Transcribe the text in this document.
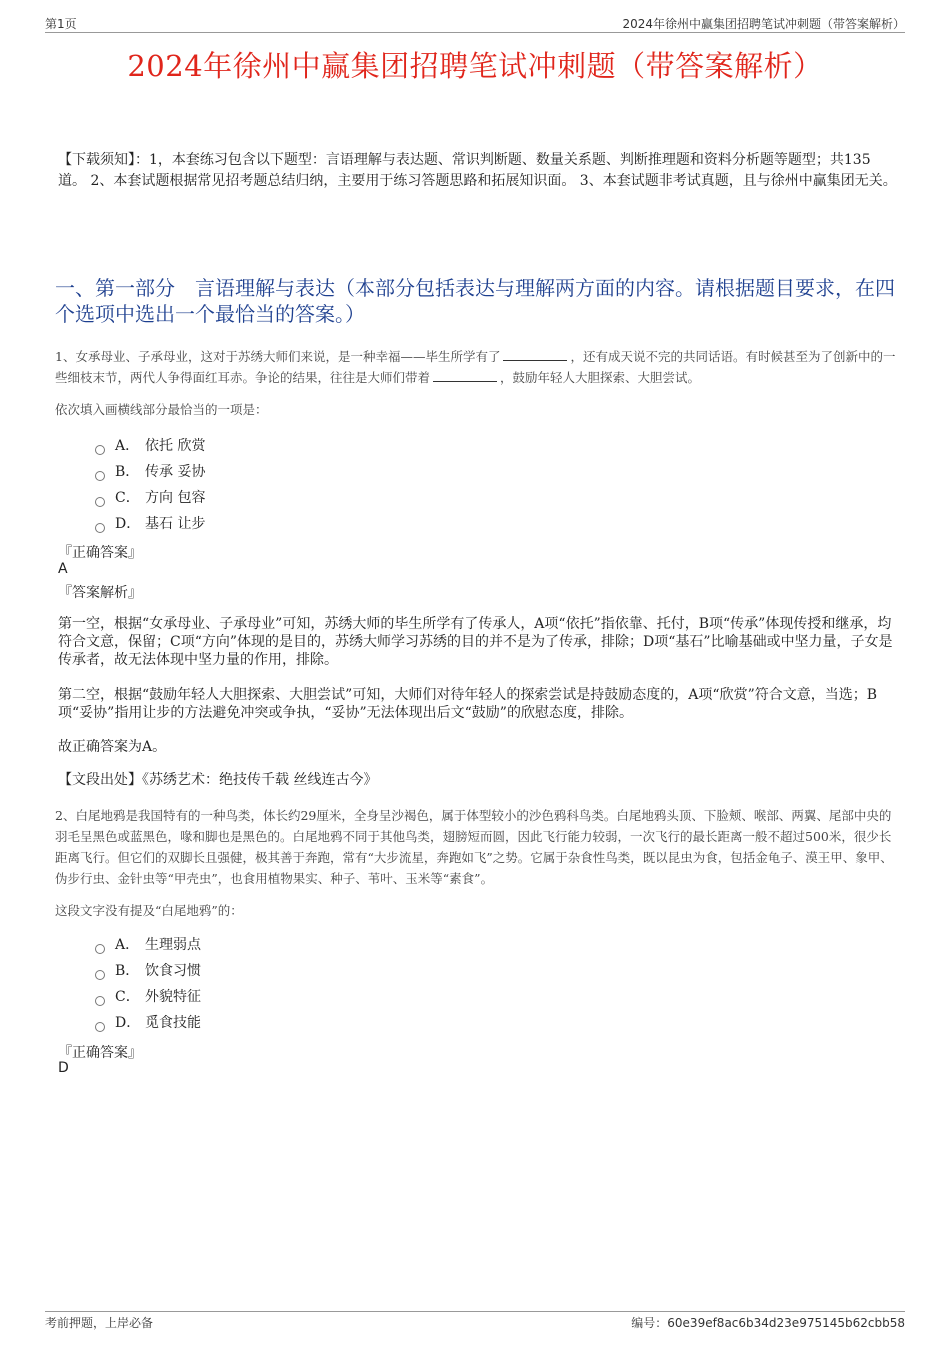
第1页	2024年徐州中赢集团招聘笔试冲刺题（带答案解析）
2024年徐州中赢集团招聘笔试冲刺题（带答案解析）
【下载须知】：1，本套练习包含以下题型：言语理解与表达题、常识判断题、数量关系题、判断推理题和资料分析题等题型；共135道。 2、本套试题根据常见招考题总结归纳，主要用于练习答题思路和拓展知识面。 3、本套试题非考试真题，且与徐州中赢集团无关。
一、第一部分　言语理解与表达（本部分包括表达与理解两方面的内容。请根据题目要求，在四个选项中选出一个最恰当的答案。）
1、女承母业、子承母业，这对于苏绣大师们来说，是一种幸福——毕生所学有了	，还有成天说不完的共同话语。有时候甚至为了创新中的一些细枝末节，两代人争得面红耳赤。争论的结果，往往是大师们带着	，鼓励年轻人大胆探索、大胆尝试。
依次填入画横线部分最恰当的一项是：
A． 依托 欣赏
B． 传承 妥协
C． 方向 包容
D． 基石 让步
『正确答案』
A
『答案解析』
第一空，根据“女承母业、子承母业”可知，苏绣大师的毕生所学有了传承人，A项“依托”指依靠、托付，B项“传承”体现传授和继承，均符合文意，保留；C项“方向”体现的是目的，苏绣大师学习苏绣的目的并不是为了传承，排除；D项“基石”比喻基础或中坚力量，子女是传承者，故无法体现中坚力量的作用，排除。
第二空，根据“鼓励年轻人大胆探索、大胆尝试”可知，大师们对待年轻人的探索尝试是持鼓励态度的，A项“欣赏”符合文意，当选；B项“妥协”指用让步的方法避免冲突或争执，“妥协”无法体现出后文“鼓励”的欣慰态度，排除。
故正确答案为A。
【文段出处】《苏绣艺术：绝技传千载 丝线连古今》
2、白尾地鸦是我国特有的一种鸟类，体长约29厘米，全身呈沙褐色，属于体型较小的沙色鸦科鸟类。白尾地鸦头顶、下脸颊、喉部、两翼、尾部中央的羽毛呈黑色或蓝黑色，喙和脚也是黑色的。白尾地鸦不同于其他鸟类，翅膀短而圆，因此飞行能力较弱，一次飞行的最长距离一般不超过500米，很少长距离飞行。但它们的双脚长且强健，极其善于奔跑，常有“大步流星，奔跑如飞”之势。它属于杂食性鸟类，既以昆虫为食，包括金龟子、漠王甲、象甲、伪步行虫、金针虫等“甲壳虫”，也食用植物果实、种子、苇叶、玉米等“素食”。
这段文字没有提及“白尾地鸦”的：
A． 生理弱点
B． 饮食习惯
C． 外貌特征
D． 觅食技能
『正确答案』
D
考前押题，上岸必备	编号：60e39ef8ac6b34d23e975145b62cbb58
